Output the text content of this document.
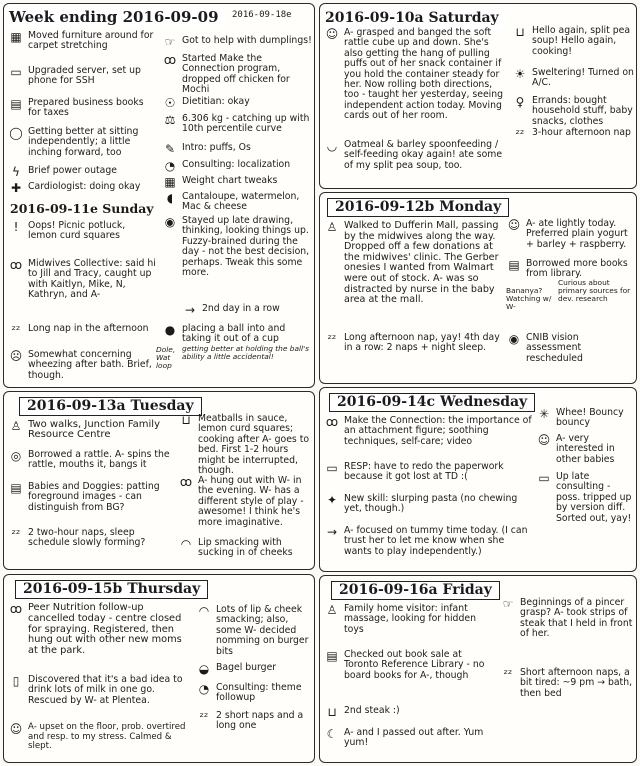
Week ending 2016-09-09 2016-09-18e
▦ Moved furniture around for carpet stretching
▭ Upgraded server, set up phone for SSH
▤ Prepared business books for taxes
◯ Getting better at sitting independently; a little inching forward, too
ϟ Brief power outage
✚ Cardiologist: doing okay
☞ Got to help with dumplings!
ꝏ Started Make the Connection program, dropped off chicken for Mochi
☉ Dietitian: okay
⚖ 6.306 kg - catching up with 10th percentile curve
✎ Intro: puffs, Os
◔ Consulting: localization
▦ Weight chart tweaks
◖ Cantaloupe, watermelon, Mac & cheese
◉ Stayed up late drawing, thinking, looking things up. Fuzzy-brained during the day - not the best decision, perhaps. Tweak this some more.
→ 2nd day in a row
● placing a ball into and taking it out of a cup
getting better at holding the ball's ability a little accidental!
Dole, Wat loop
2016-09-11e Sunday
!	Oops! Picnic potluck, lemon curd squares
ꝏ Midwives Collective: said hi to Jill and Tracy, caught up with Kaitlyn, Mike, N, Kathryn, and A-
ᶻᶻ Long nap in the afternoon
☹ Somewhat concerning wheezing after bath. Brief, though.
2016-09-10a Saturday
☺ A- grasped and banged the soft rattle cube up and down. She's also getting the hang of pulling puffs out of her snack container if you hold the container steady for her. Now rolling both directions, too - taught her yesterday, seeing independent action today. Moving cards out of her room.
◡ Oatmeal & barley spoonfeeding / self-feeding okay again! ate some of my split pea soup, too.
⊔ Hello again, split pea soup! Hello again, cooking!
☀ Sweltering! Turned on A/C.
♀ Errands: bought household stuff, baby snacks, clothes
ᶻᶻ 3-hour afternoon nap
2016-09-12b Monday
♙ Walked to Dufferin Mall, passing by the midwives along the way. Dropped off a few donations at the midwives' clinic. The Gerber onesies I wanted from Walmart were out of stock. A- was so distracted by nurse in the baby area at the mall.
ᶻᶻ Long afternoon nap, yay! 4th day in a row: 2 naps + night sleep.
☺ A- ate lightly today. Preferred plain yogurt + barley + raspberry.
▤ Borrowed more books from library.
Curious about primary sources for dev. research
Bananya? Watching w/ W-
◉ CNIB vision assessment rescheduled
2016-09-13a Tuesday
♙ Two walks, Junction Family Resource Centre
◎ Borrowed a rattle. A- spins the rattle, mouths it, bangs it
▤ Babies and Doggies: patting foreground images - can distinguish from BG?
ᶻᶻ 2 two-hour naps, sleep schedule slowly forming?
⊔ Meatballs in sauce, lemon curd squares; cooking after A- goes to bed. First 1-2 hours might be interrupted, though.
ꝏ A- hung out with W- in the evening. W- has a different style of play - awesome! I think he's more imaginative.
◠ Lip smacking with sucking in of cheeks
2016-09-14c Wednesday
ꝏ Make the Connection: the importance of an attachment figure; soothing techniques, self-care; video
▭ RESP: have to redo the paperwork because it got lost at TD :(
✦ New skill: slurping pasta (no chewing yet, though.)
→ A- focused on tummy time today. (I can trust her to let me know when she wants to play independently.)
✳ Whee! Bouncy bouncy
☺ A- very interested in other babies
▭ Up late consulting - poss. tripped up by version diff. Sorted out, yay!
2016-09-15b Thursday
ꝏ Peer Nutrition follow-up cancelled today - centre closed for spraying. Registered, then hung out with other new moms at the park.
▯ Discovered that it's a bad idea to drink lots of milk in one go. Rescued by W- at Plentea.
☺ A- upset on the floor, prob. overtired and resp. to my stress. Calmed & slept.
◠ Lots of lip & cheek smacking; also, some W- decided nomming on burger bits
◒ Bagel burger
◔ Consulting: theme followup
ᶻᶻ 2 short naps and a long one
2016-09-16a Friday
♙ Family home visitor: infant massage, looking for hidden toys
▤ Checked out book sale at Toronto Reference Library - no board books for A-, though
⊔ 2nd steak :)
☾ A- and I passed out after. Yum yum!
☞ Beginnings of a pincer grasp? A- took strips of steak that I held in front of her.
ᶻᶻ Short afternoon naps, a bit tired: ~9 pm → bath, then bed
